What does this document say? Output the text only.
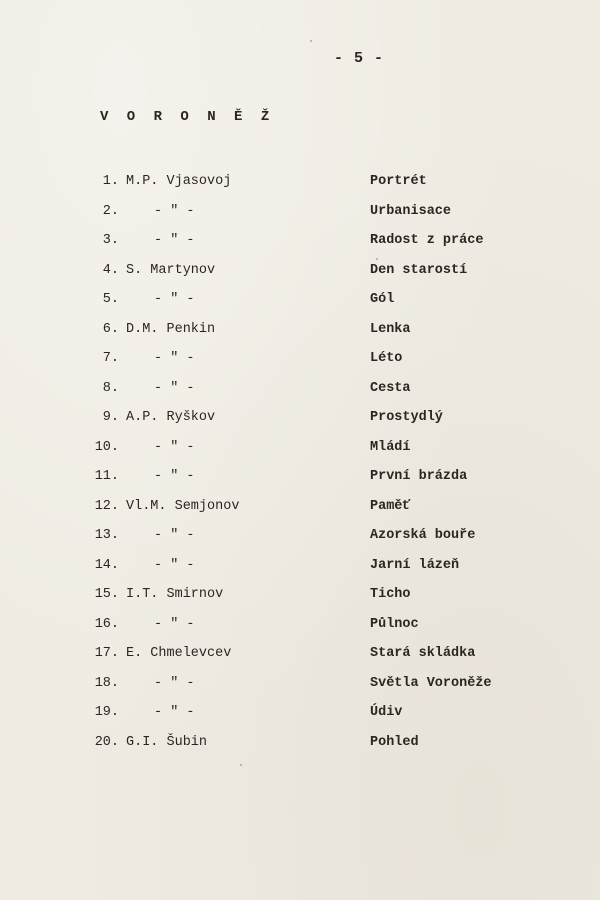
- 5 -
V O R O N Ě Ž
1. M.P. Vjasovoj	Portrét
2.	- " -	Urbanisace
3.	- " -	Radost z práce
4. S. Martynov	Den starostí
5.	- " -	Gól
6. D.M. Penkin	Lenka
7.	- " -	Léto
8.	- " -	Cesta
9. A.P. Ryškov	Prostydlý
10.	- " -	Mládí
11.	- " -	První brázda
12. Vl.M. Semjonov	Paměť
13.	- " -	Azorská bouře
14.	- " -	Jarní lázeň
15. I.T. Smirnov	Ticho
16.	- " -	Půlnoc
17. E. Chmelevcev	Stará skládka
18.	- " -	Světla Voroněže
19.	- " -	Údiv
20. G.I. Šubin	Pohled
